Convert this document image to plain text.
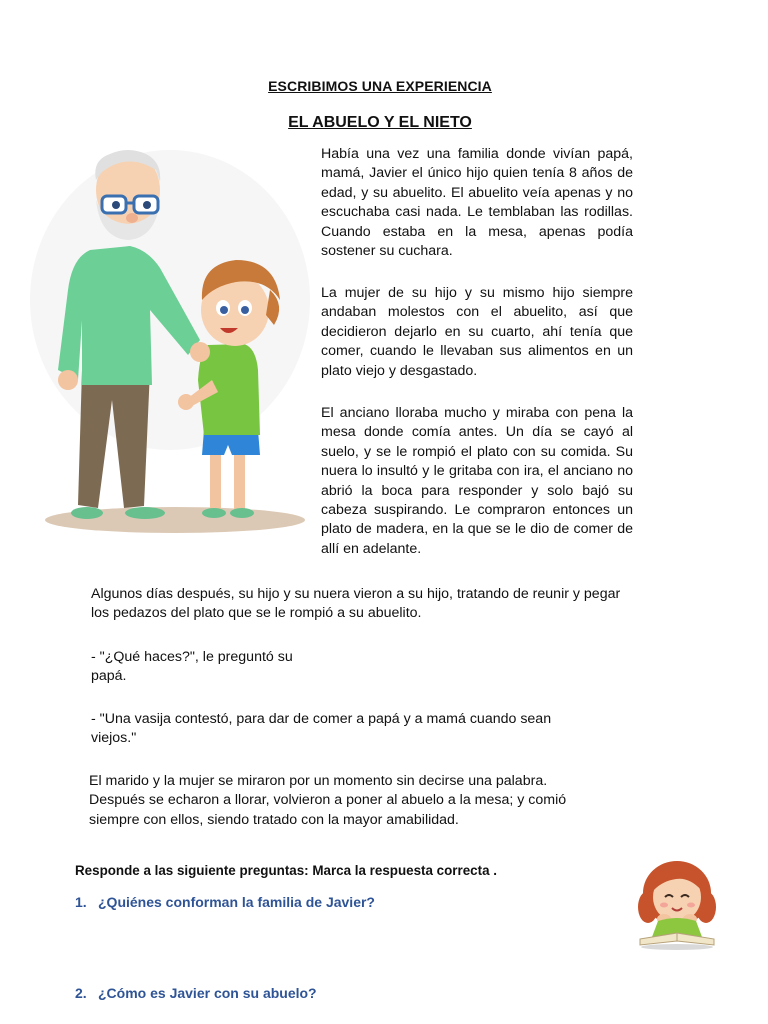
ESCRIBIMOS UNA EXPERIENCIA
EL ABUELO Y EL NIETO

Había una vez una familia donde vivían papá, mamá, Javier el único hijo quien tenía 8 años de edad, y su abuelito. El abuelito veía apenas y no escuchaba casi nada. Le temblaban las rodillas. Cuando estaba en la mesa, apenas podía sostener su cuchara.

La mujer de su hijo y su mismo hijo siempre andaban molestos con el abuelito, así que decidieron dejarlo en su cuarto, ahí tenía que comer, cuando le llevaban sus alimentos en un plato viejo y desgastado.

El anciano lloraba mucho y miraba con pena la mesa donde comía antes. Un día se cayó al suelo, y se le rompió el plato con su comida. Su nuera lo insultó y le gritaba con ira, el anciano no abrió la boca para responder y solo bajó su cabeza suspirando. Le compraron entonces un plato de madera, en la que se le dio de comer de allí en adelante.

Algunos días después, su hijo y su nuera vieron a su hijo, tratando de reunir y pegar los pedazos del plato que se le rompió a su abuelito.

- "¿Qué haces?", le preguntó su papá.

- "Una vasija contestó, para dar de comer a papá y a mamá cuando sean viejos."

El marido y la mujer se miraron por un momento sin decirse una palabra. Después se echaron a llorar, volvieron a poner al abuelo a la mesa; y comió siempre con ellos, siendo tratado con la mayor amabilidad.

Responde a las siguiente preguntas: Marca la respuesta correcta .
1. ¿Quiénes conforman la familia de Javier?
2. ¿Cómo es Javier con su abuelo?
